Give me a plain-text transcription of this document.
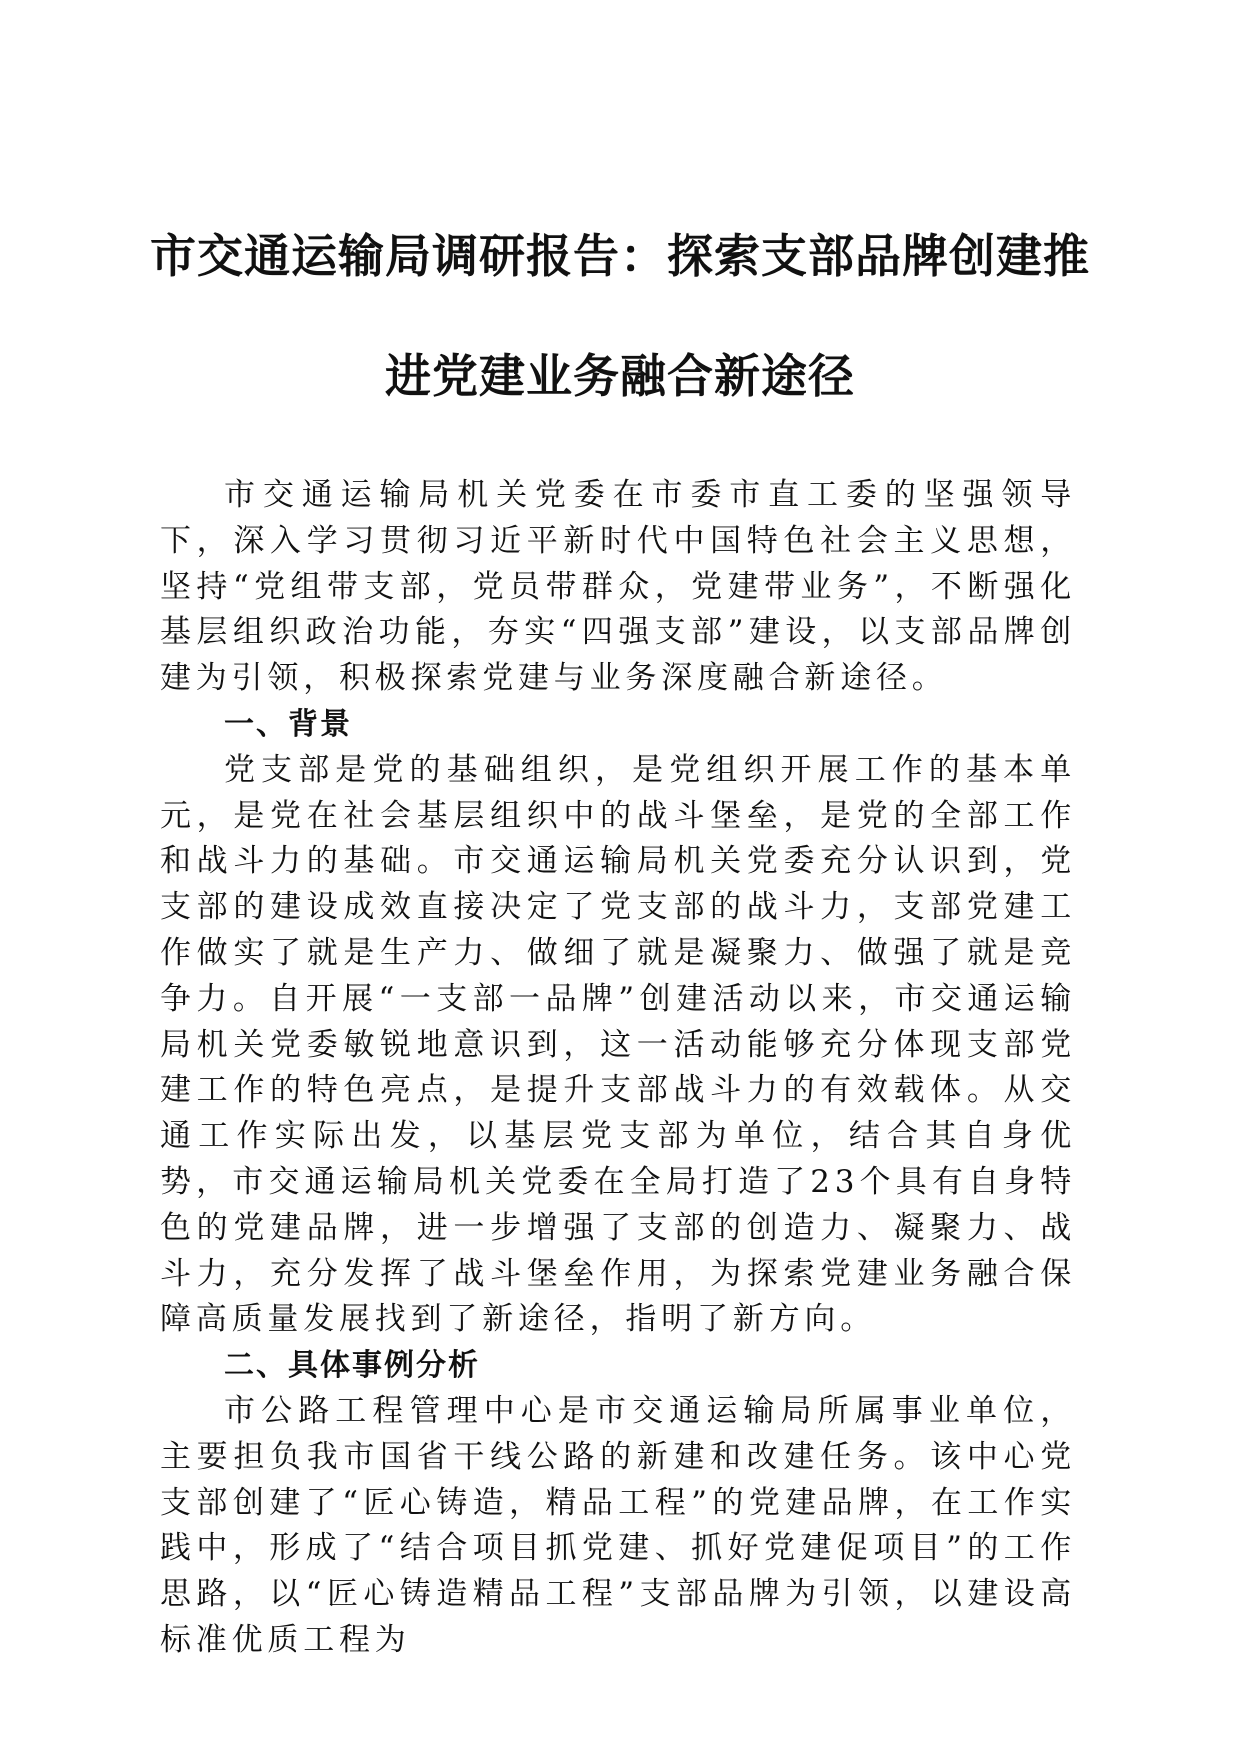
市交通运输局调研报告：探索支部品牌创建推
进党建业务融合新途径

市交通运输局机关党委在市委市直工委的坚强领导下，深入学习贯彻习近平新时代中国特色社会主义思想，坚持“党组带支部，党员带群众，党建带业务”，不断强化基层组织政治功能，夯实“四强支部”建设，以支部品牌创建为引领，积极探索党建与业务深度融合新途径。

一、背景

党支部是党的基础组织，是党组织开展工作的基本单元，是党在社会基层组织中的战斗堡垒，是党的全部工作和战斗力的基础。市交通运输局机关党委充分认识到，党支部的建设成效直接决定了党支部的战斗力，支部党建工作做实了就是生产力、做细了就是凝聚力、做强了就是竞争力。自开展“一支部一品牌”创建活动以来，市交通运输局机关党委敏锐地意识到，这一活动能够充分体现支部党建工作的特色亮点，是提升支部战斗力的有效载体。从交通工作实际出发，以基层党支部为单位，结合其自身优势，市交通运输局机关党委在全局打造了23个具有自身特色的党建品牌，进一步增强了支部的创造力、凝聚力、战斗力，充分发挥了战斗堡垒作用，为探索党建业务融合保障高质量发展找到了新途径，指明了新方向。

二、具体事例分析

市公路工程管理中心是市交通运输局所属事业单位，主要担负我市国省干线公路的新建和改建任务。该中心党支部创建了“匠心铸造，精品工程”的党建品牌，在工作实践中，形成了“结合项目抓党建、抓好党建促项目”的工作思路，以“匠心铸造精品工程”支部品牌为引领，以建设高标准优质工程为
